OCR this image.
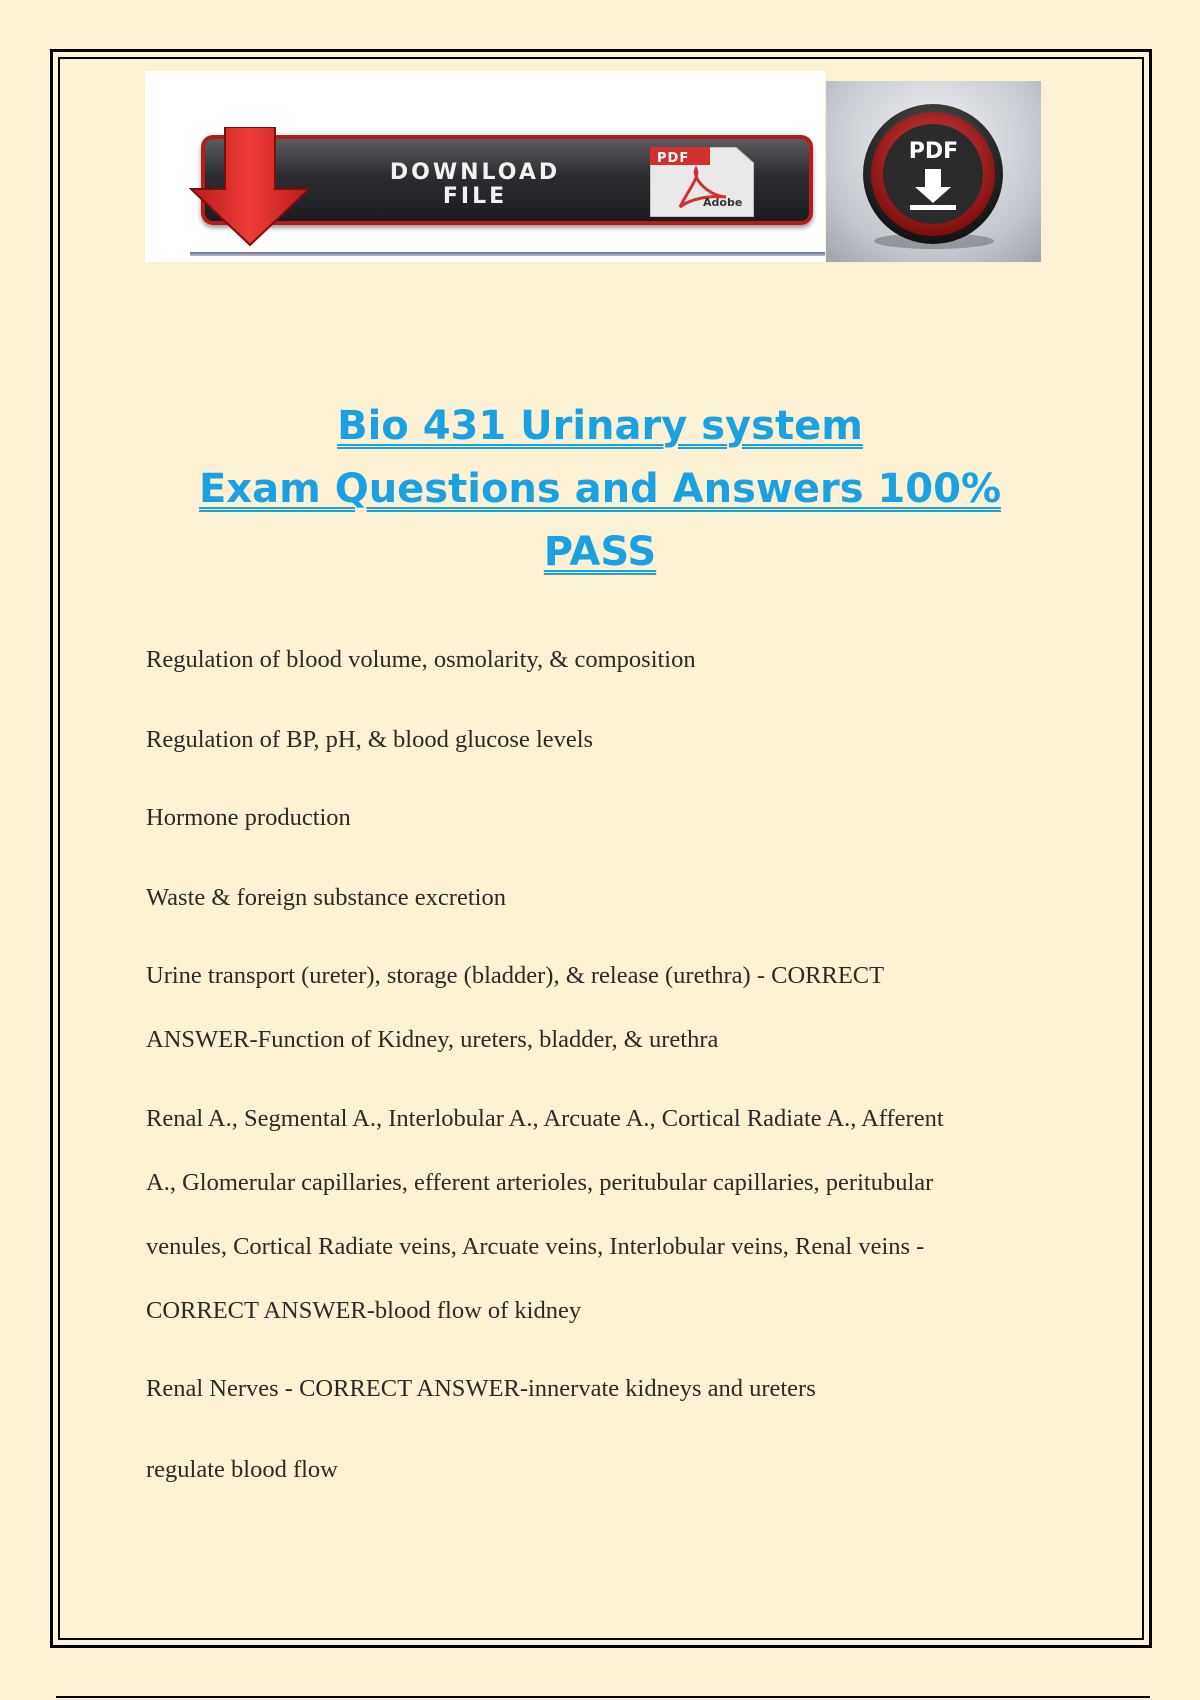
DOWNLOAD
FILE
PDF
Adobe
PDF
Bio 431 Urinary system
Exam Questions and Answers 100%
PASS
Regulation of blood volume, osmolarity, & composition
Regulation of BP, pH, & blood glucose levels
Hormone production
Waste & foreign substance excretion
Urine transport (ureter), storage (bladder), & release (urethra) - CORRECT
ANSWER-Function of Kidney, ureters, bladder, & urethra
Renal A., Segmental A., Interlobular A., Arcuate A., Cortical Radiate A., Afferent
A., Glomerular capillaries, efferent arterioles, peritubular capillaries, peritubular
venules, Cortical Radiate veins, Arcuate veins, Interlobular veins, Renal veins -
CORRECT ANSWER-blood flow of kidney
Renal Nerves - CORRECT ANSWER-innervate kidneys and ureters
regulate blood flow
